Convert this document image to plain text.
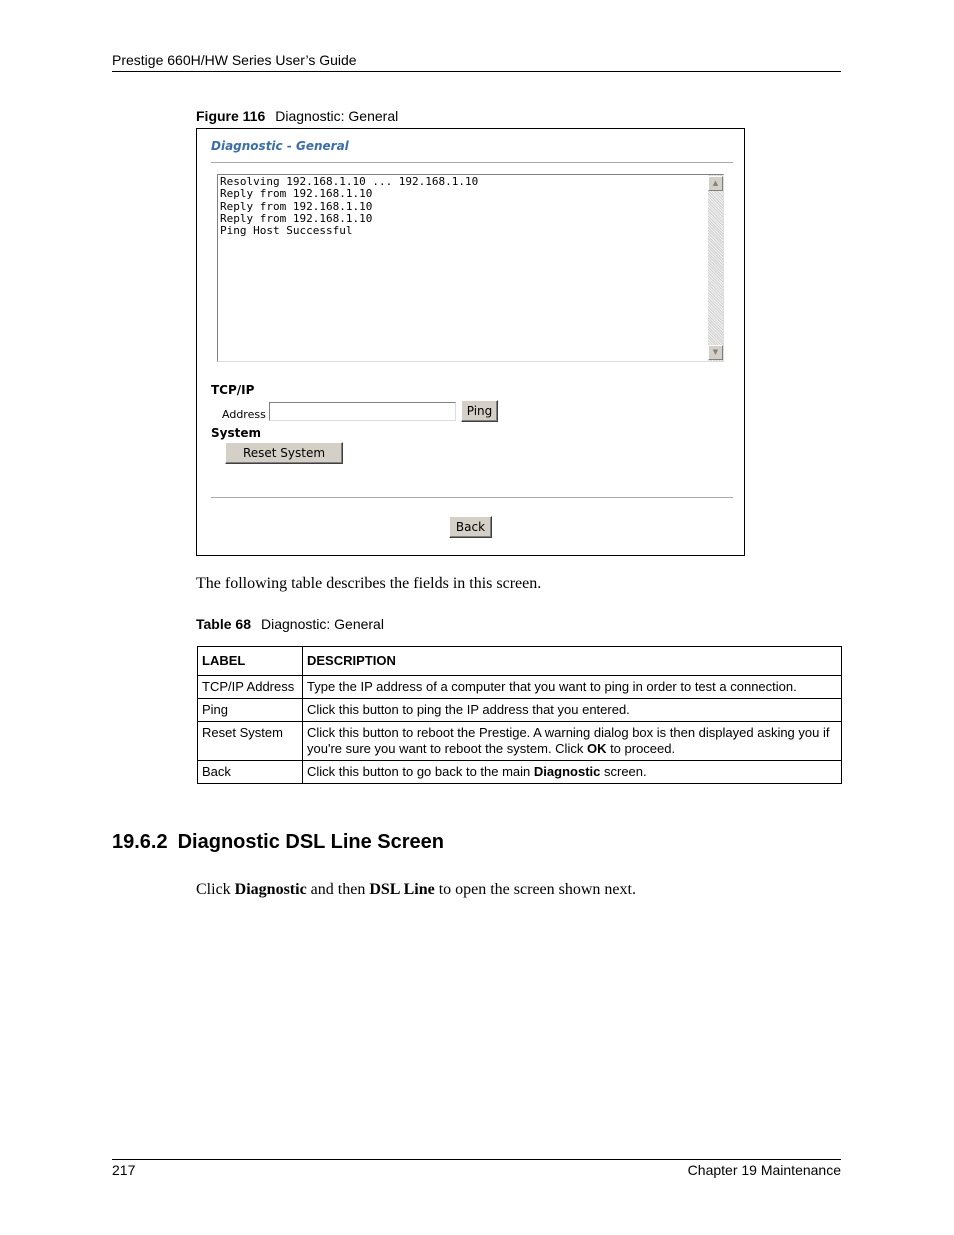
Prestige 660H/HW Series User’s Guide
Figure 116 Diagnostic: General
Diagnostic - General
Resolving 192.168.1.10 ... 192.168.1.10
Reply from 192.168.1.10
Reply from 192.168.1.10
Reply from 192.168.1.10
Ping Host Successful
▲
▼
TCP/IP
Address	Ping
System
Reset System
Back
The following table describes the fields in this screen.
Table 68 Diagnostic: General
LABEL	DESCRIPTION
TCP/IP Address	Type the IP address of a computer that you want to ping in order to test a connection.
Ping	Click this button to ping the IP address that you entered.
Reset System	Click this button to reboot the Prestige. A warning dialog box is then displayed asking you if you're sure you want to reboot the system. Click OK to proceed.
Back	Click this button to go back to the main Diagnostic screen.
19.6.2 Diagnostic DSL Line Screen
Click Diagnostic and then DSL Line to open the screen shown next.
217	Chapter 19 Maintenance
